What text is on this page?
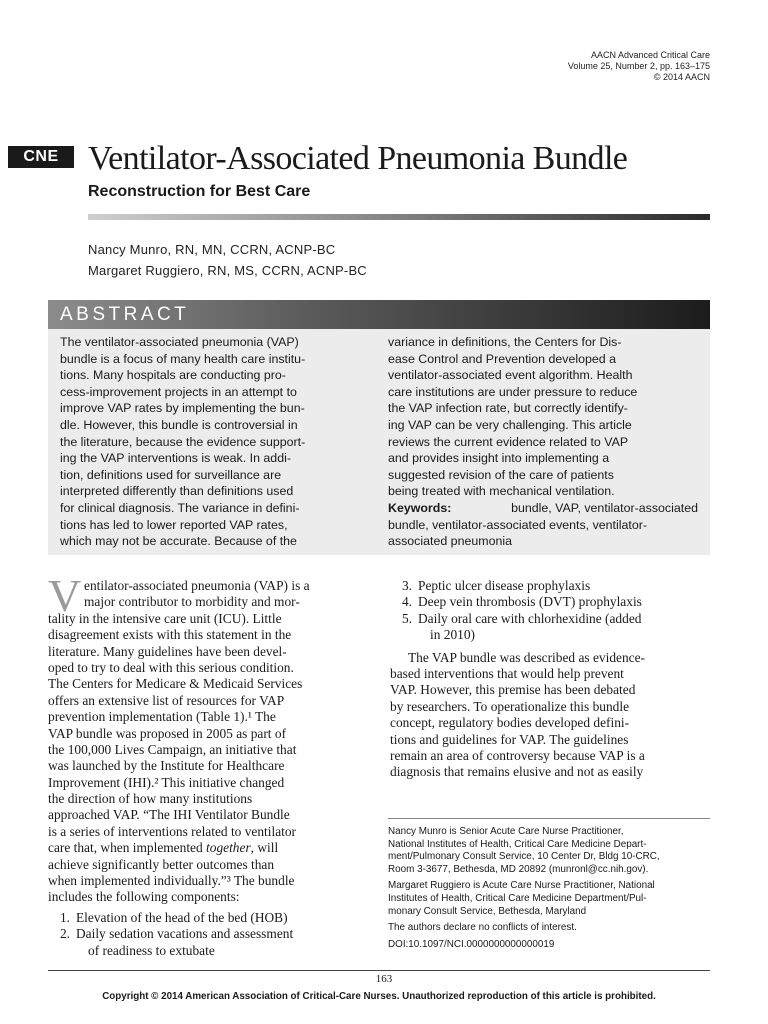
AACN Advanced Critical Care
Volume 25, Number 2, pp. 163–175
© 2014 AACN
CNE Ventilator-Associated Pneumonia Bundle
Reconstruction for Best Care
Nancy Munro, RN, MN, CCRN, ACNP-BC
Margaret Ruggiero, RN, MS, CCRN, ACNP-BC
ABSTRACT
The ventilator-associated pneumonia (VAP)
bundle is a focus of many health care institu-
tions. Many hospitals are conducting pro-
cess-improvement projects in an attempt to
improve VAP rates by implementing the bun-
dle. However, this bundle is controversial in
the literature, because the evidence support-
ing the VAP interventions is weak. In addi-
tion, definitions used for surveillance are
interpreted differently than definitions used
for clinical diagnosis. The variance in defini-
tions has led to lower reported VAP rates,
which may not be accurate. Because of the
variance in definitions, the Centers for Dis-
ease Control and Prevention developed a
ventilator-associated event algorithm. Health
care institutions are under pressure to reduce
the VAP infection rate, but correctly identify-
ing VAP can be very challenging. This article
reviews the current evidence related to VAP
and provides insight into implementing a
suggested revision of the care of patients
being treated with mechanical ventilation.
Keywords:	bundle, VAP, ventilator-associated
bundle, ventilator-associated events, ventilator-
associated pneumonia
V entilator-associated pneumonia (VAP) is a
major contributor to morbidity and mor-
tality in the intensive care unit (ICU). Little
disagreement exists with this statement in the
literature. Many guidelines have been devel-
oped to try to deal with this serious condition.
The Centers for Medicare & Medicaid Services
offers an extensive list of resources for VAP
prevention implementation (Table 1).¹ The
VAP bundle was proposed in 2005 as part of
the 100,000 Lives Campaign, an initiative that
was launched by the Institute for Healthcare
Improvement (IHI).² This initiative changed
the direction of how many institutions
approached VAP. “The IHI Ventilator Bundle
is a series of interventions related to ventilator
care that, when implemented together, will
achieve significantly better outcomes than
when implemented individually.”³ The bundle
includes the following components:
1. Elevation of the head of the bed (HOB)
2. Daily sedation vacations and assessment
of readiness to extubate
3. Peptic ulcer disease prophylaxis
4. Deep vein thrombosis (DVT) prophylaxis
5. Daily oral care with chlorhexidine (added
in 2010)
The VAP bundle was described as evidence-
based interventions that would help prevent
VAP. However, this premise has been debated
by researchers. To operationalize this bundle
concept, regulatory bodies developed defini-
tions and guidelines for VAP. The guidelines
remain an area of controversy because VAP is a
diagnosis that remains elusive and not as easily

Nancy Munro is Senior Acute Care Nurse Practitioner,
National Institutes of Health, Critical Care Medicine Depart-
ment/Pulmonary Consult Service, 10 Center Dr, Bldg 10-CRC,
Room 3-3677, Bethesda, MD 20892 (munronl@cc.nih.gov).

Margaret Ruggiero is Acute Care Nurse Practitioner, National
Institutes of Health, Critical Care Medicine Department/Pul-
monary Consult Service, Bethesda, Maryland

The authors declare no conflicts of interest.

DOI:10.1097/NCI.0000000000000019

163
Copyright © 2014 American Association of Critical-Care Nurses. Unauthorized reproduction of this article is prohibited.
